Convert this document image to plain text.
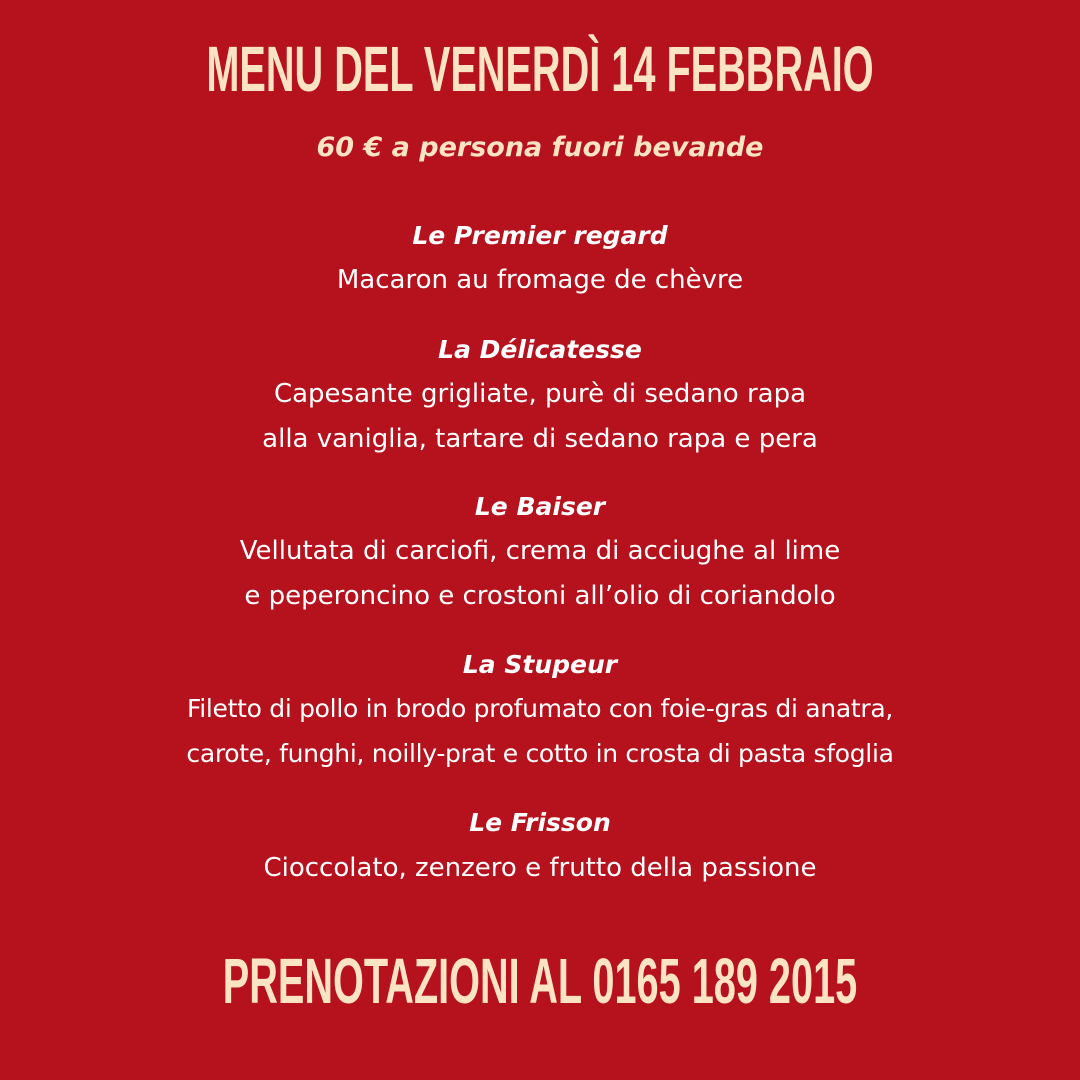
MENU DEL VENERDÌ 14 FEBBRAIO
60 € a persona fuori bevande
Le Premier regard
Macaron au fromage de chèvre
La Délicatesse
Capesante grigliate, purè di sedano rapa
alla vaniglia, tartare di sedano rapa e pera
Le Baiser
Vellutata di carciofi, crema di acciughe al lime
e peperoncino e crostoni all’olio di coriandolo
La Stupeur
Filetto di pollo in brodo profumato con foie-gras di anatra,
carote, funghi, noilly-prat e cotto in crosta di pasta sfoglia
Le Frisson
Cioccolato, zenzero e frutto della passione
PRENOTAZIONI AL 0165 189 2015
